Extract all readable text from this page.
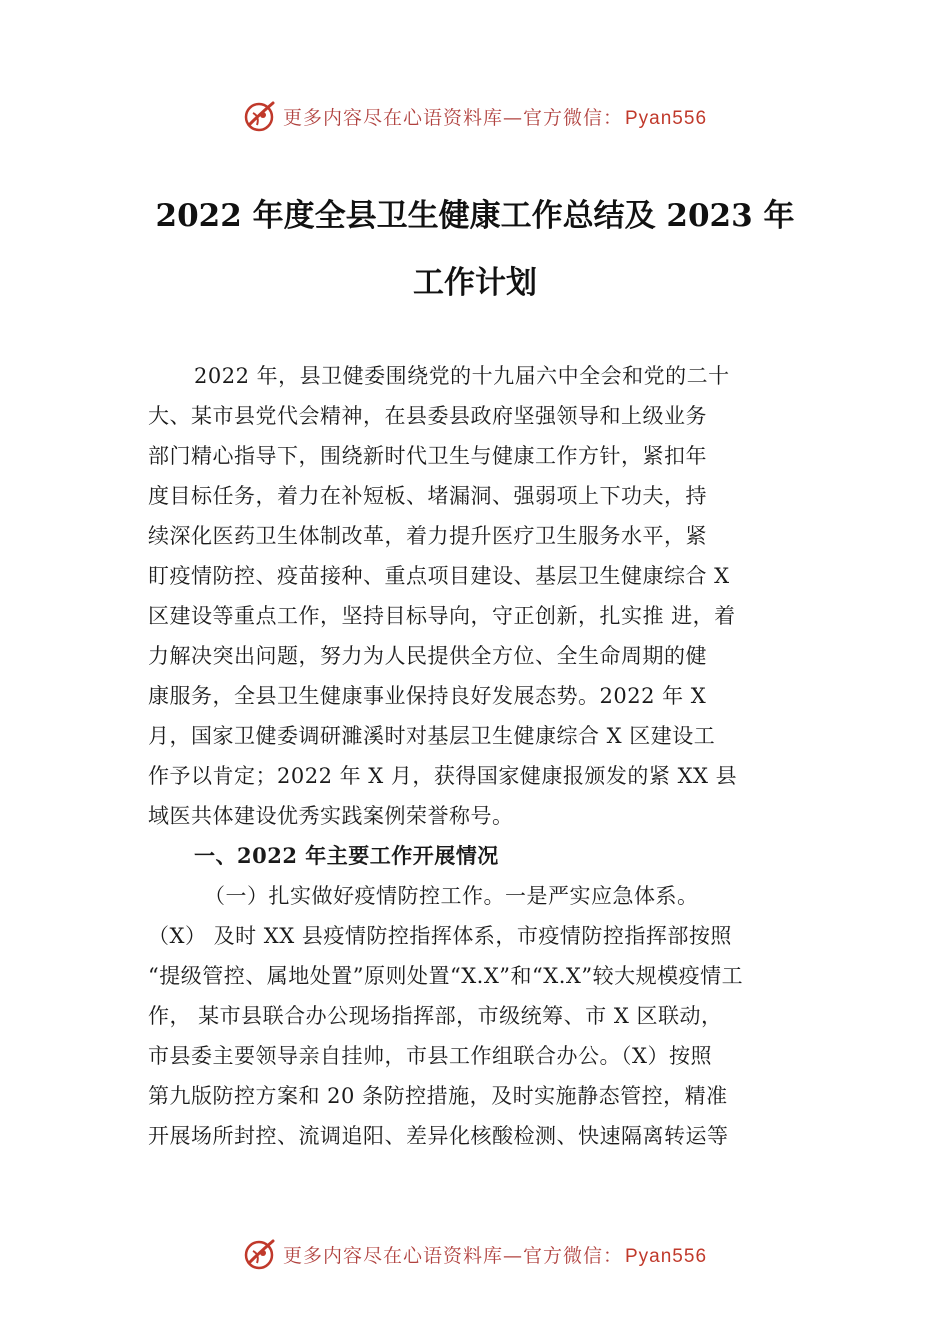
更多内容尽在心语资料库—官方微信： Pyan556
2022 年度全县卫生健康工作总结及 2023 年
工作计划
2022 年，县卫健委围绕党的十九届六中全会和党的二十
大、某市县党代会精神，在县委县政府坚强领导和上级业务
部门精心指导下，围绕新时代卫生与健康工作方针，紧扣年
度目标任务，着力在补短板、堵漏洞、强弱项上下功夫，持
续深化医药卫生体制改革，着力提升医疗卫生服务水平，紧
盯疫情防控、疫苗接种、重点项目建设、基层卫生健康综合 X
区建设等重点工作，坚持目标导向，守正创新，扎实推 进，着
力解决突出问题，努力为人民提供全方位、全生命周期的健
康服务，全县卫生健康事业保持良好发展态势。2022 年 X
月，国家卫健委调研濉溪时对基层卫生健康综合 X 区建设工
作予以肯定；2022 年 X 月，获得国家健康报颁发的紧 XX 县
域医共体建设优秀实践案例荣誉称号。
一、2022 年主要工作开展情况
（一）扎实做好疫情防控工作。一是严实应急体系。
（X） 及时 XX 县疫情防控指挥体系，市疫情防控指挥部按照
“提级管控、属地处置”原则处置“X.X”和“X.X”较大规模疫情工
作， 某市县联合办公现场指挥部，市级统筹、市 X 区联动，
市县委主要领导亲自挂帅，市县工作组联合办公。（X）按照
第九版防控方案和 20 条防控措施，及时实施静态管控，精准
开展场所封控、流调追阳、差异化核酸检测、快速隔离转运等
更多内容尽在心语资料库—官方微信： Pyan556
